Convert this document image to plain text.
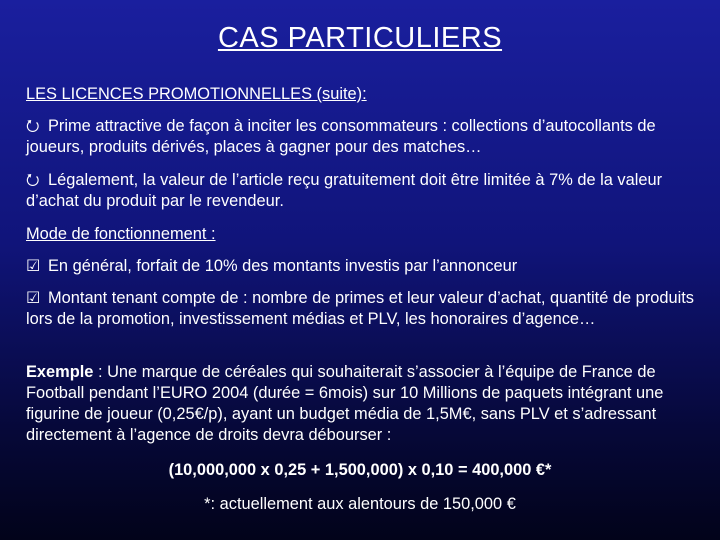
CAS PARTICULIERS
LES LICENCES PROMOTIONNELLES (suite):
⭮ Prime attractive de façon à inciter les consommateurs : collections d’autocollants de joueurs, produits dérivés, places à gagner pour des matches…
⭮ Légalement, la valeur de l’article reçu gratuitement doit être limitée à 7% de la valeur d’achat du produit par le revendeur.
Mode de fonctionnement :
☑ En général, forfait de 10% des montants investis par l’annonceur
☑ Montant tenant compte de : nombre de primes et leur valeur d’achat, quantité de produits lors de la promotion, investissement médias et PLV, les honoraires d’agence…
Exemple : Une marque de céréales qui souhaiterait s’associer à l’équipe de France de Football pendant l’EURO 2004 (durée = 6mois) sur 10 Millions de paquets intégrant une figurine de joueur (0,25€/p), ayant un budget média de 1,5M€, sans PLV et s’adressant directement à l’agence de droits devra débourser :
(10,000,000 x 0,25 + 1,500,000) x 0,10 = 400,000 €*
*: actuellement aux alentours de 150,000 €
